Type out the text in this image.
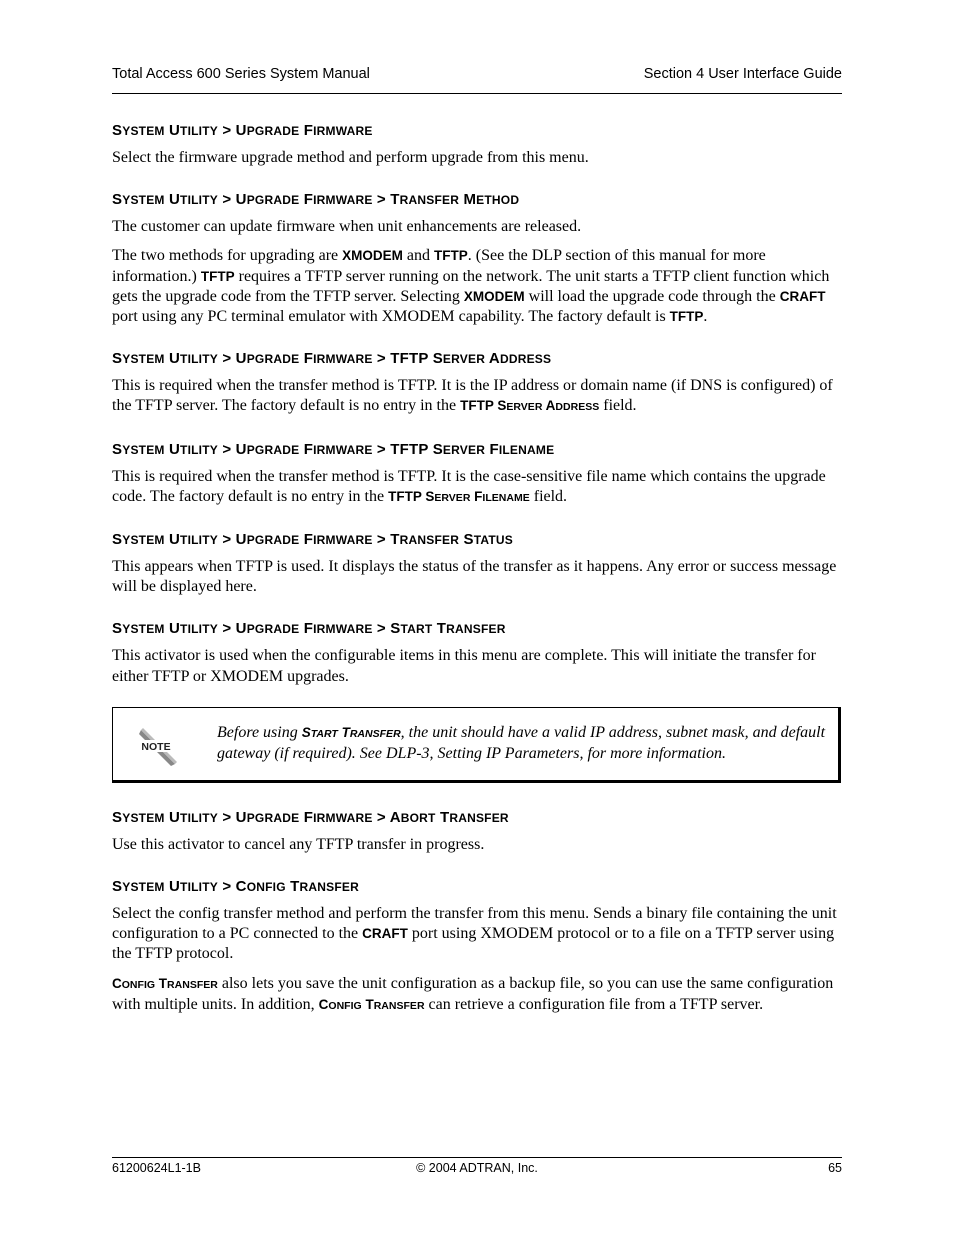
Total Access 600 Series System Manual	Section 4 User Interface Guide
SYSTEM UTILITY > UPGRADE FIRMWARE

Select the firmware upgrade method and perform upgrade from this menu.

SYSTEM UTILITY > UPGRADE FIRMWARE > TRANSFER METHOD

The customer can update firmware when unit enhancements are released.

The two methods for upgrading are XMODEM and TFTP. (See the DLP section of this manual for more information.) TFTP requires a TFTP server running on the network. The unit starts a TFTP client function which gets the upgrade code from the TFTP server. Selecting XMODEM will load the upgrade code through the CRAFT port using any PC terminal emulator with XMODEM capability. The factory default is TFTP.

SYSTEM UTILITY > UPGRADE FIRMWARE > TFTP SERVER ADDRESS

This is required when the transfer method is TFTP. It is the IP address or domain name (if DNS is configured) of the TFTP server. The factory default is no entry in the TFTP SERVER ADDRESS field.

SYSTEM UTILITY > UPGRADE FIRMWARE > TFTP SERVER FILENAME

This is required when the transfer method is TFTP. It is the case-sensitive file name which contains the upgrade code. The factory default is no entry in the TFTP SERVER FILENAME field.

SYSTEM UTILITY > UPGRADE FIRMWARE > TRANSFER STATUS

This appears when TFTP is used. It displays the status of the transfer as it happens. Any error or success message will be displayed here.

SYSTEM UTILITY > UPGRADE FIRMWARE > START TRANSFER

This activator is used when the configurable items in this menu are complete. This will initiate the transfer for either TFTP or XMODEM upgrades.

NOTE
Before using START TRANSFER, the unit should have a valid IP address, subnet mask, and default gateway (if required). See DLP-3, Setting IP Parameters, for more information.
SYSTEM UTILITY > UPGRADE FIRMWARE > ABORT TRANSFER

Use this activator to cancel any TFTP transfer in progress.

SYSTEM UTILITY > CONFIG TRANSFER

Select the config transfer method and perform the transfer from this menu. Sends a binary file containing the unit configuration to a PC connected to the CRAFT port using XMODEM protocol or to a file on a TFTP server using the TFTP protocol.

CONFIG TRANSFER also lets you save the unit configuration as a backup file, so you can use the same configuration with multiple units. In addition, CONFIG TRANSFER can retrieve a configuration file from a TFTP server.

61200624L1-1B	© 2004 ADTRAN, Inc.	65
